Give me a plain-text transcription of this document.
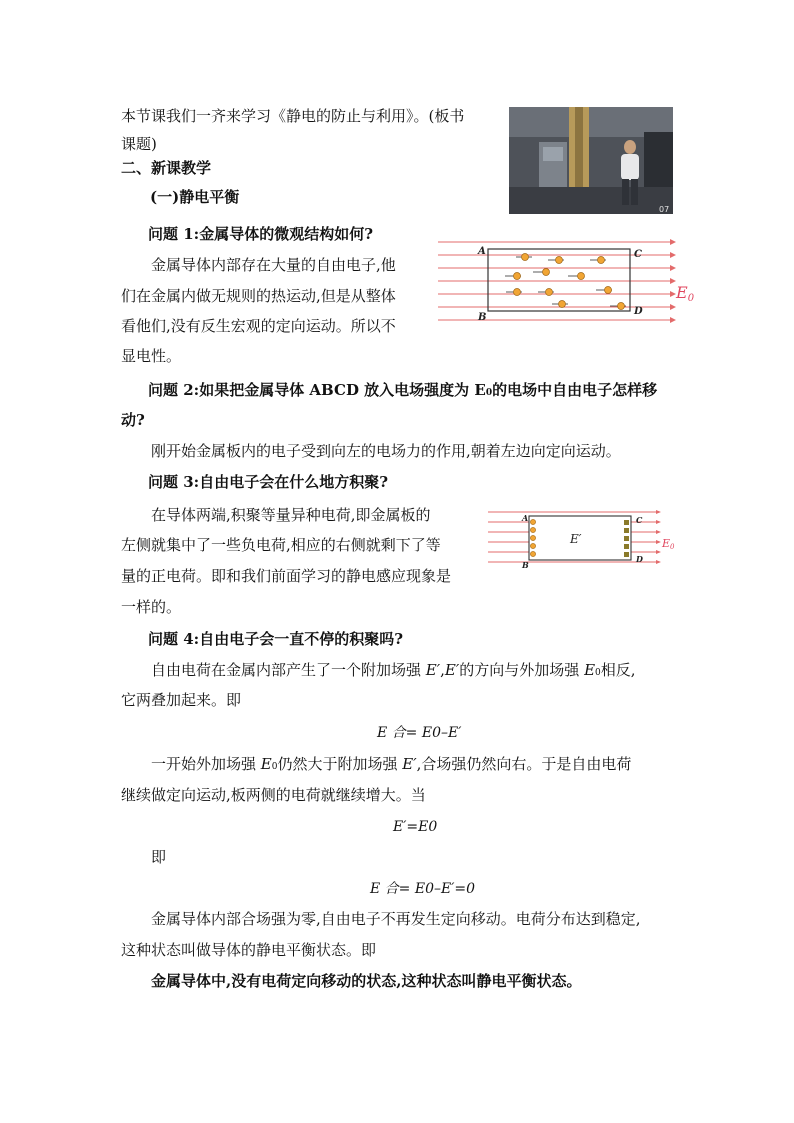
本节课我们一齐来学习《静电的防止与利用》。(板书
课题)
07
二、新课教学
(一)静电平衡
问题 1:金属导体的微观结构如何?
金属导体内部存在大量的自由电子,他
们在金属内做无规则的热运动,但是从整体
看他们,没有反生宏观的定向运动。所以不
显电性。
A
B
C
D
E0
问题 2:如果把金属导体 ABCD 放入电场强度为 E0的电场中自由电子怎样移
动?
刚开始金属板内的电子受到向左的电场力的作用,朝着左边向定向运动。
问题 3:自由电子会在什么地方积聚?
在导体两端,积聚等量异种电荷,即金属板的
左侧就集中了一些负电荷,相应的右侧就剩下了等
量的正电荷。即和我们前面学习的静电感应现象是
一样的。
A
B
C
D
E′	E0
问题 4:自由电子会一直不停的积聚吗?
自由电荷在金属内部产生了一个附加场强 E′,E′的方向与外加场强 E0相反,
它两叠加起来。即
E 合= E0–E′
一开始外加场强 E0仍然大于附加场强 E′,合场强仍然向右。于是自由电荷
继续做定向运动,板两侧的电荷就继续增大。当
E′=E0
即
E 合= E0–E′=0
金属导体内部合场强为零,自由电子不再发生定向移动。电荷分布达到稳定,
这种状态叫做导体的静电平衡状态。即
金属导体中,没有电荷定向移动的状态,这种状态叫静电平衡状态。
